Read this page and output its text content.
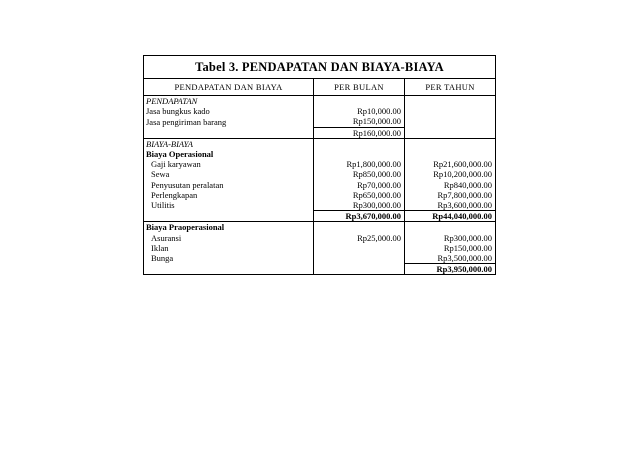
Tabel 3. PENDAPATAN DAN BIAYA-BIAYA		
PENDAPATAN DAN BIAYA	PER BULAN	PER TAHUN
PENDAPATAN		
Jasa bungkus kado	Rp10,000.00	
Jasa pengiriman barang	Rp150,000.00	
	Rp160,000.00	
BIAYA-BIAYA		
Biaya Operasional		
Gaji karyawan	Rp1,800,000.00	Rp21,600,000.00
Sewa	Rp850,000.00	Rp10,200,000.00
Penyusutan peralatan	Rp70,000.00	Rp840,000.00
Perlengkapan	Rp650,000.00	Rp7,800,000.00
Utilitis	Rp300,000.00	Rp3,600,000.00
	Rp3,670,000.00	Rp44,040,000.00
Biaya Praoperasional		
Asuransi	Rp25,000.00	Rp300,000.00
Iklan		Rp150,000.00
Bunga		Rp3,500,000.00
		Rp3,950,000.00
